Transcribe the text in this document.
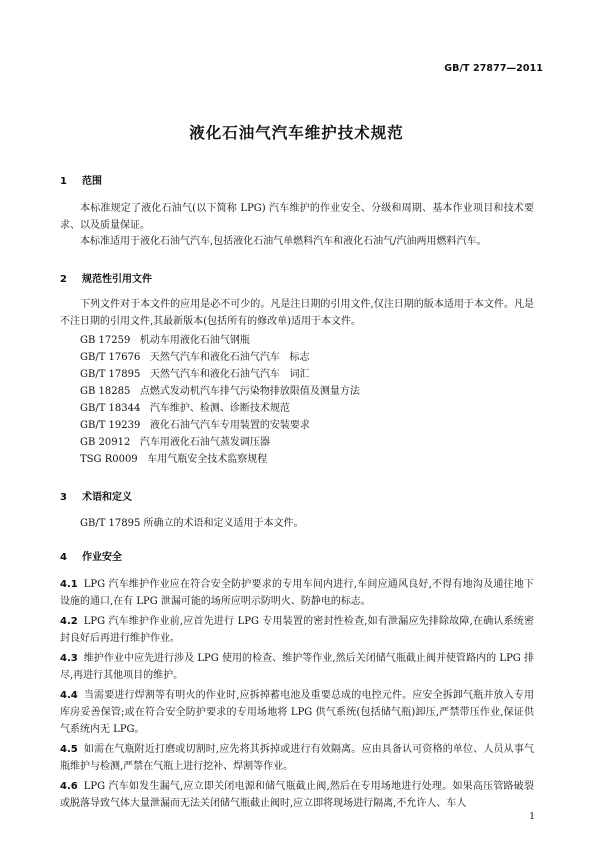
GB/T 27877—2011
液化石油气汽车维护技术规范
1 范围
本标准规定了液化石油气(以下简称 LPG) 汽车维护的作业安全、分级和周期、基本作业项目和技术要求、以及质量保证。
本标准适用于液化石油气汽车,包括液化石油气单燃料汽车和液化石油气/汽油两用燃料汽车。
2 规范性引用文件
下列文件对于本文件的应用是必不可少的。凡是注日期的引用文件,仅注日期的版本适用于本文件。凡是不注日期的引用文件,其最新版本(包括所有的修改单)适用于本文件。
GB 17259   机动车用液化石油气钢瓶
GB/T 17676   天然气汽车和液化石油气汽车   标志
GB/T 17895   天然气汽车和液化石油气汽车   词汇
GB 18285   点燃式发动机汽车排气污染物排放限值及测量方法
GB/T 18344   汽车维护、检测、诊断技术规范
GB/T 19239   液化石油气汽车专用装置的安装要求
GB 20912   汽车用液化石油气蒸发调压器
TSG R0009   车用气瓶安全技术监察规程
3 术语和定义
GB/T 17895 所确立的术语和定义适用于本文件。
4 作业安全
4.1 LPG 汽车维护作业应在符合安全防护要求的专用车间内进行,车间应通风良好,不得有地沟及通往地下设施的通口,在有 LPG 泄漏可能的场所应明示防明火、防静电的标志。
4.2 LPG 汽车维护作业前,应首先进行 LPG 专用装置的密封性检查,如有泄漏应先排除故障,在确认系统密封良好后再进行维护作业。
4.3 维护作业中应先进行涉及 LPG 使用的检查、维护等作业,然后关闭储气瓶截止阀并使管路内的 LPG 排尽,再进行其他项目的维护。
4.4 当需要进行焊割等有明火的作业时,应拆掉蓄电池及重要总成的电控元件。应安全拆卸气瓶并放入专用库房妥善保管;或在符合安全防护要求的专用场地将 LPG 供气系统(包括储气瓶)卸压,严禁带压作业,保证供气系统内无 LPG。
4.5 如需在气瓶附近打磨或切割时,应先将其拆掉或进行有效隔离。应由具备认可资格的单位、人员从事气瓶维护与检测,严禁在气瓶上进行挖补、焊割等作业。
4.6 LPG 汽车如发生漏气,应立即关闭电源和储气瓶截止阀,然后在专用场地进行处理。如果高压管路破裂或脱落导致气体大量泄漏而无法关闭储气瓶截止阀时,应立即将现场进行隔离,不允许人、车人
1
